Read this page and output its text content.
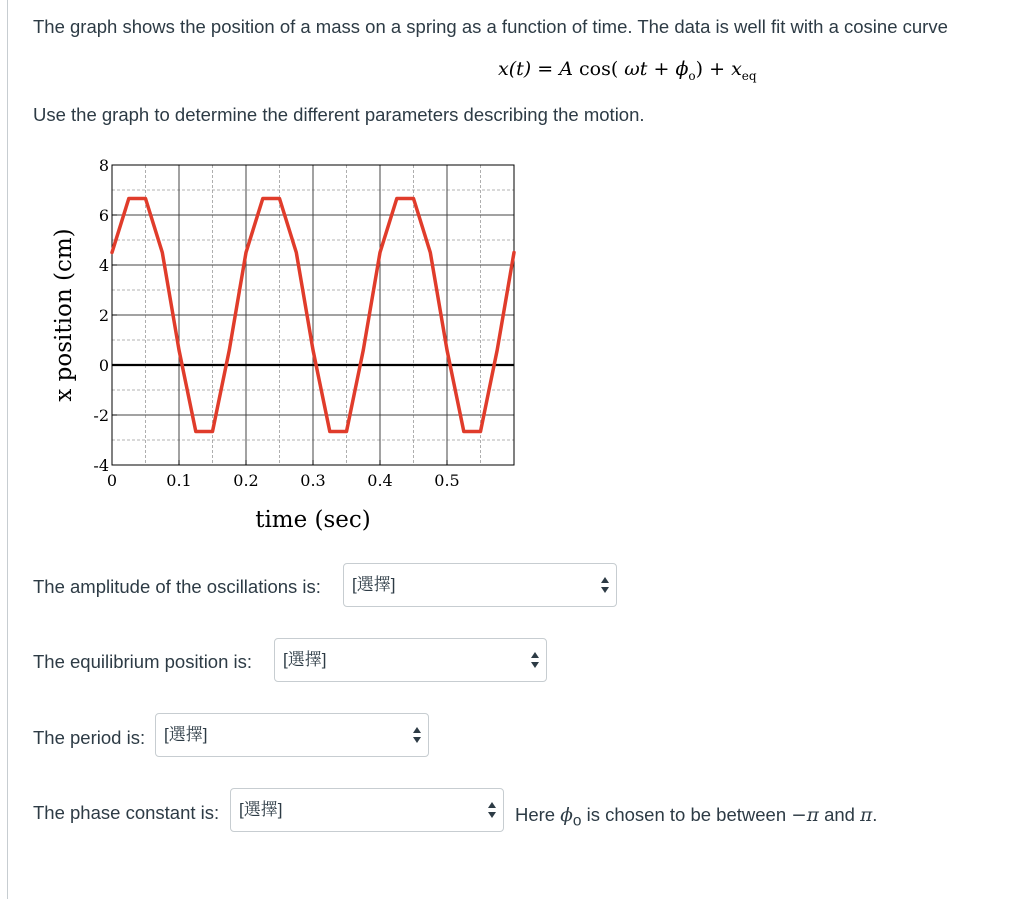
The graph shows the position of a mass on a spring as a function of time. The data is well fit with a cosine curve

x(t) = A cos( $\omega t + \phi_o) + x_{eq}$

Use the graph to determine the different parameters describing the motion.

-4
-2
0
2
4
6
8
0	0.1	0.2	0.3	0.4	0.5
time (sec)
x position (cm)
The amplitude of the oscillations is:	[選擇]
The equilibrium position is:	[選擇]
The period is:	[選擇]
The phase constant is:	[選擇]	Here $\phi_o$ is chosen to be between −π and π.
